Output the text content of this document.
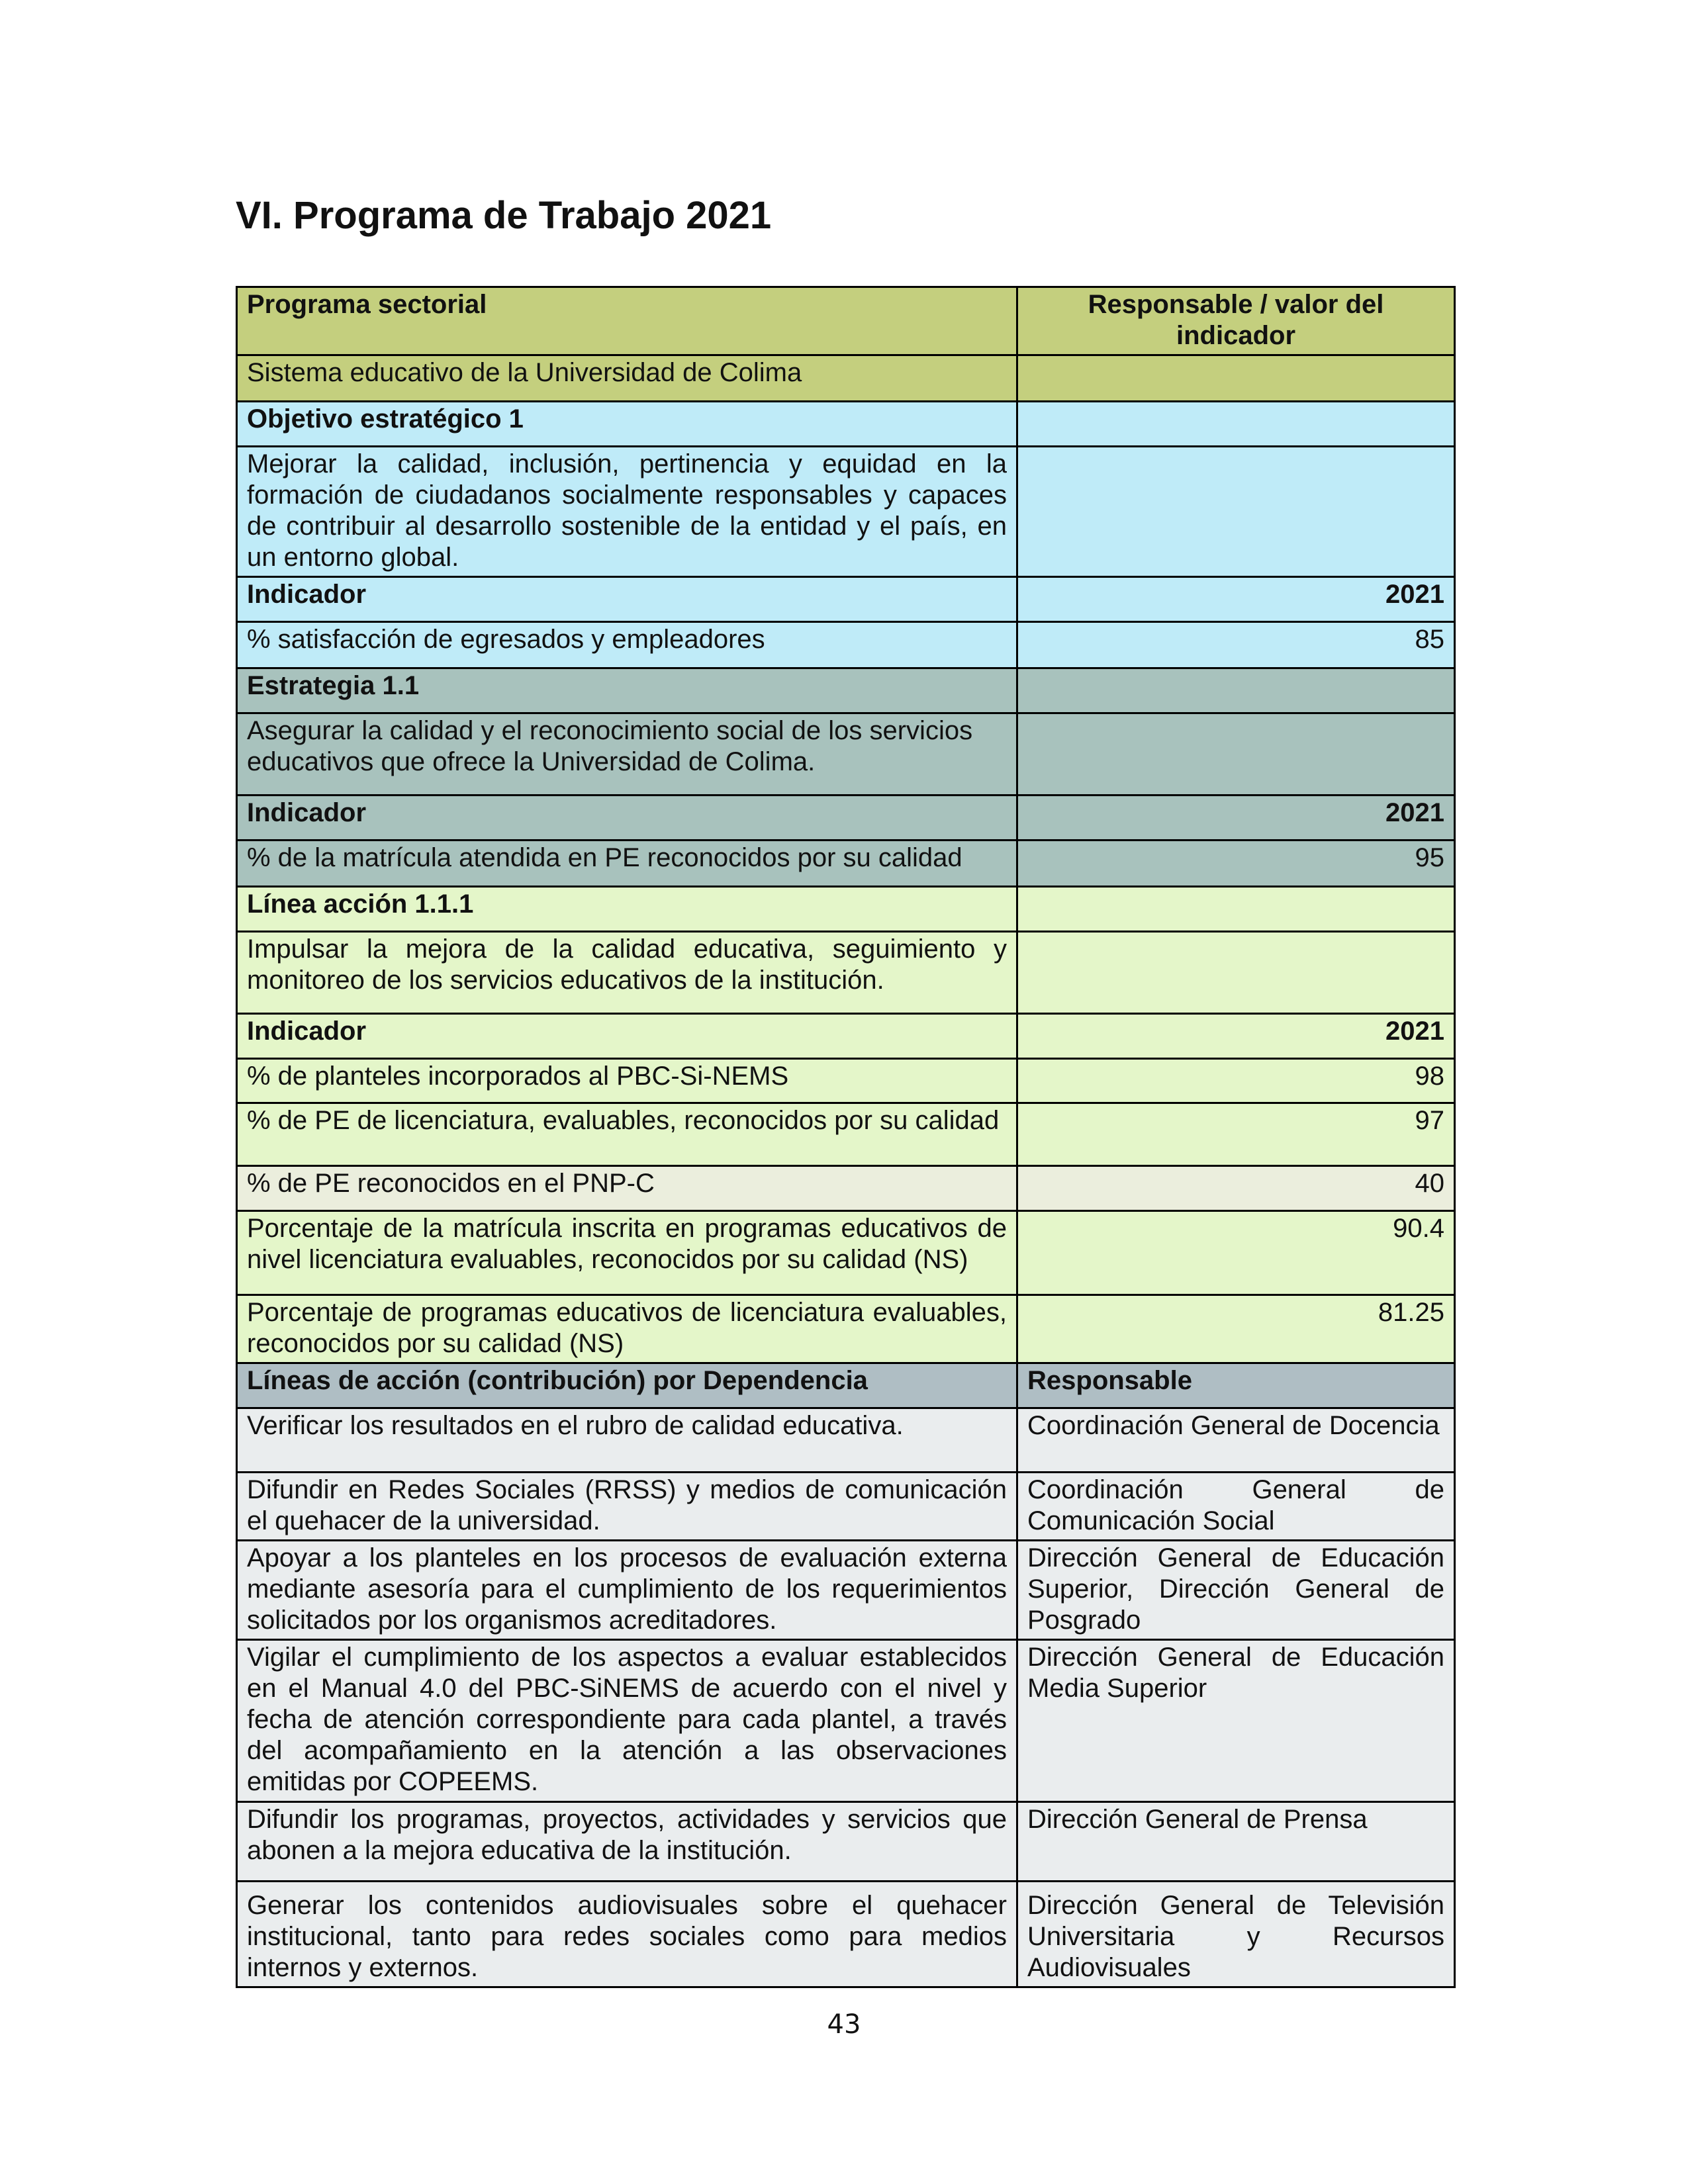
VI. Programa de Trabajo 2021
Programa sectorial	Responsable / valor del indicador
Sistema educativo de la Universidad de Colima	
Objetivo estratégico 1	
Mejorar la calidad, inclusión, pertinencia y equidad en la formación de ciudadanos socialmente responsables y capaces de contribuir al desarrollo sostenible de la entidad y el país, en un entorno global.	
Indicador	2021
% satisfacción de egresados y empleadores	85
Estrategia 1.1	
Asegurar la calidad y el reconocimiento social de los servicios educativos que ofrece la Universidad de Colima.	
Indicador	2021
% de la matrícula atendida en PE reconocidos por su calidad	95
Línea acción 1.1.1	
Impulsar la mejora de la calidad educativa, seguimiento y monitoreo de los servicios educativos de la institución.	
Indicador	2021
% de planteles incorporados al PBC-Si-NEMS	98
% de PE de licenciatura, evaluables, reconocidos por su calidad	97
% de PE reconocidos en el PNP-C	40
Porcentaje de la matrícula inscrita en programas educativos de nivel licenciatura evaluables, reconocidos por su calidad (NS)	90.4
Porcentaje de programas educativos de licenciatura evaluables, reconocidos por su calidad (NS)	81.25
Líneas de acción (contribución) por Dependencia	Responsable
Verificar los resultados en el rubro de calidad educativa.	Coordinación General de Docencia
Difundir en Redes Sociales (RRSS) y medios de comunicación el quehacer de la universidad.	Coordinación General de Comunicación Social
Apoyar a los planteles en los procesos de evaluación externa mediante asesoría para el cumplimiento de los requerimientos solicitados por los organismos acreditadores.	Dirección General de Educación Superior, Dirección General de Posgrado
Vigilar el cumplimiento de los aspectos a evaluar establecidos en el Manual 4.0 del PBC-SiNEMS de acuerdo con el nivel y fecha de atención correspondiente para cada plantel, a través del acompañamiento en la atención a las observaciones emitidas por COPEEMS.	Dirección General de Educación Media Superior
Difundir los programas, proyectos, actividades y servicios que abonen a la mejora educativa de la institución.	Dirección General de Prensa
Generar los contenidos audiovisuales sobre el quehacer institucional, tanto para redes sociales como para medios internos y externos.	Dirección General de Televisión Universitaria y Recursos Audiovisuales
43
